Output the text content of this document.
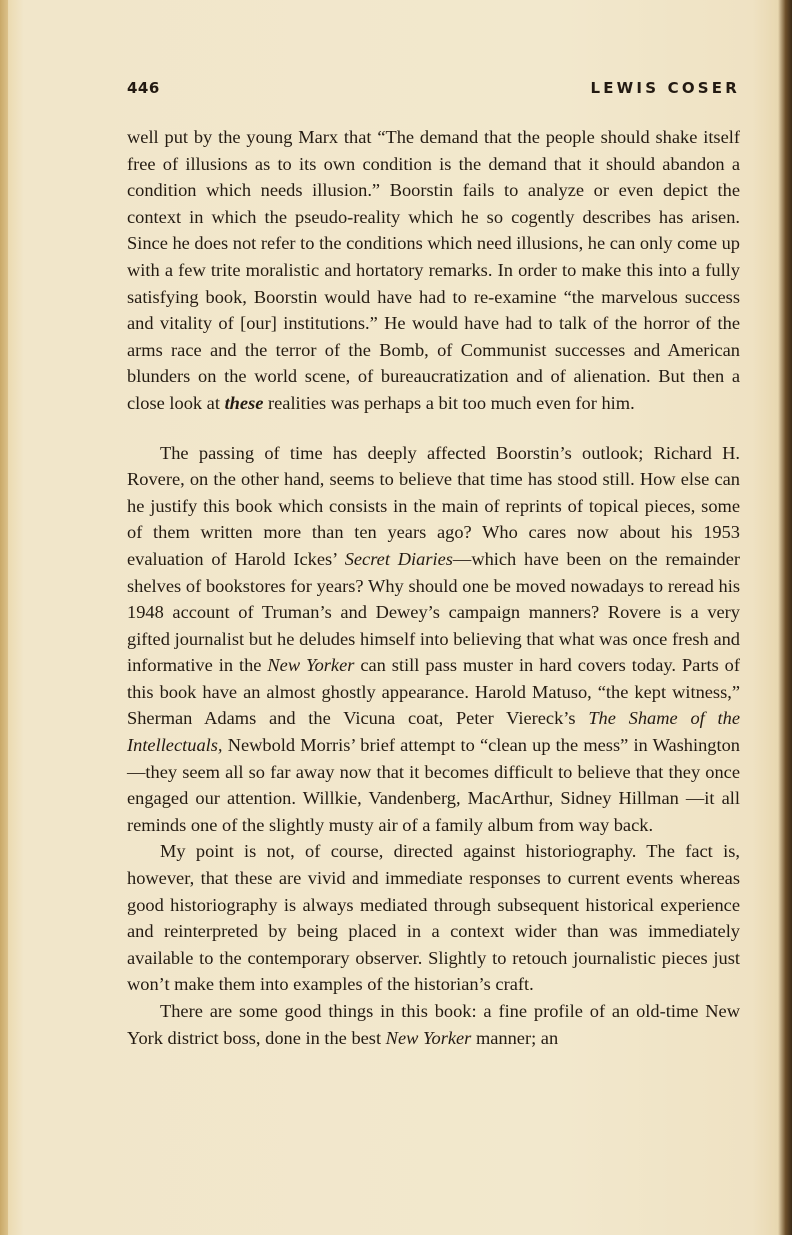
446	LEWIS COSER

well put by the young Marx that “The demand that the people should shake itself free of illusions as to its own condition is the demand that it should abandon a condition which needs illusion.” Boorstin fails to analyze or even depict the context in which the pseudo-reality which he so cogently describes has arisen. Since he does not refer to the conditions which need illusions, he can only come up with a few trite moralistic and hortatory remarks. In order to make this into a fully satisfying book, Boorstin would have had to re-examine “the marvelous success and vitality of [our] institutions.” He would have had to talk of the horror of the arms race and the terror of the Bomb, of Communist successes and American blunders on the world scene, of bureaucratization and of alienation. But then a close look at these realities was perhaps a bit too much even for him.

The passing of time has deeply affected Boorstin’s outlook; Richard H. Rovere, on the other hand, seems to believe that time has stood still. How else can he justify this book which consists in the main of reprints of topical pieces, some of them written more than ten years ago? Who cares now about his 1953 evaluation of Harold Ickes’ Secret Diaries—which have been on the remainder shelves of bookstores for years? Why should one be moved nowadays to reread his 1948 account of Truman’s and Dewey’s campaign manners? Rovere is a very gifted journalist but he deludes himself into believing that what was once fresh and informative in the New Yorker can still pass muster in hard covers today. Parts of this book have an almost ghostly appearance. Harold Matuso, “the kept witness,” Sherman Adams and the Vicuna coat, Peter Viereck’s The Shame of the Intellectuals, Newbold Morris’ brief attempt to “clean up the mess” in Washington—they seem all so far away now that it becomes difficult to believe that they once engaged our attention. Willkie, Vandenberg, MacArthur, Sidney Hillman —it all reminds one of the slightly musty air of a family album from way back.

My point is not, of course, directed against historiography. The fact is, however, that these are vivid and immediate responses to current events whereas good historiography is always mediated through subsequent historical experience and reinterpreted by being placed in a context wider than was immediately available to the contemporary observer. Slightly to retouch journalistic pieces just won’t make them into examples of the historian’s craft.

There are some good things in this book: a fine profile of an old-time New York district boss, done in the best New Yorker manner; an
